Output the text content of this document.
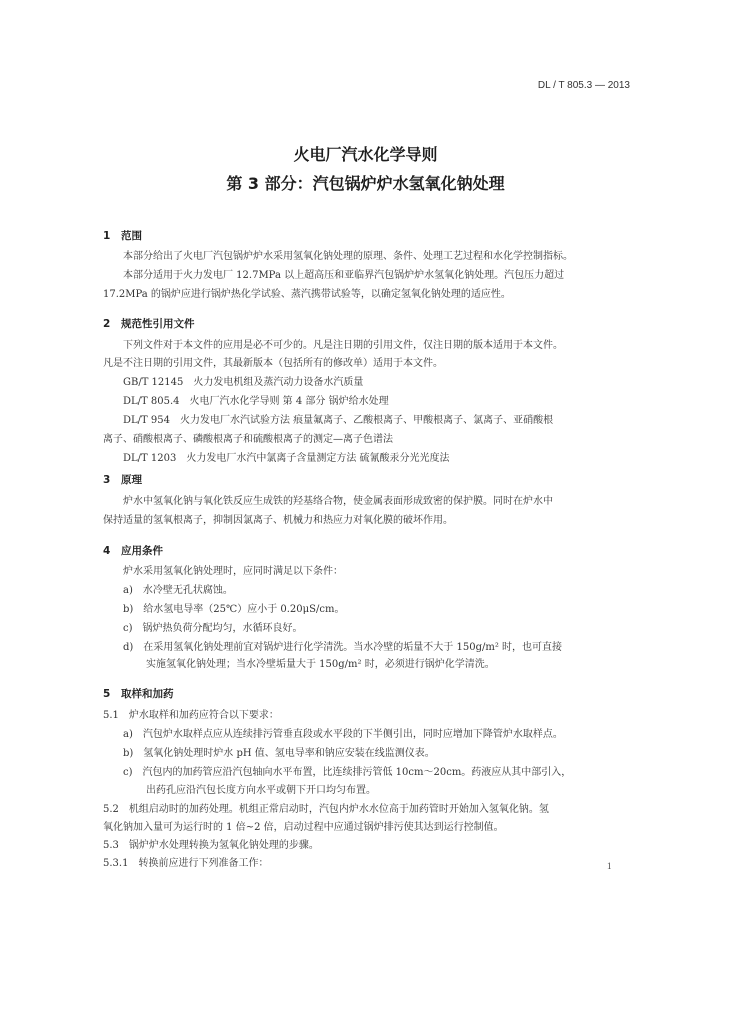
DL / T 805.3 — 2013
火电厂汽水化学导则
第 3 部分：汽包锅炉炉水氢氧化钠处理
1 范围
本部分给出了火电厂汽包锅炉炉水采用氢氧化钠处理的原理、条件、处理工艺过程和水化学控制指标。
本部分适用于火力发电厂 12.7MPa 以上超高压和亚临界汽包锅炉炉水氢氧化钠处理。汽包压力超过
17.2MPa 的锅炉应进行锅炉热化学试验、蒸汽携带试验等，以确定氢氧化钠处理的适应性。
2 规范性引用文件
下列文件对于本文件的应用是必不可少的。凡是注日期的引用文件，仅注日期的版本适用于本文件。
凡是不注日期的引用文件，其最新版本（包括所有的修改单）适用于本文件。
GB/T 12145　火力发电机组及蒸汽动力设备水汽质量
DL/T 805.4　火电厂汽水化学导则 第 4 部分 锅炉给水处理
DL/T 954　火力发电厂水汽试验方法 痕量氟离子、乙酸根离子、甲酸根离子、氯离子、亚硝酸根
离子、硝酸根离子、磷酸根离子和硫酸根离子的测定—离子色谱法
DL/T 1203　火力发电厂水汽中氯离子含量测定方法 硫氰酸汞分光光度法
3 原理
炉水中氢氧化钠与氧化铁反应生成铁的羟基络合物，使金属表面形成致密的保护膜。同时在炉水中
保持适量的氢氧根离子，抑制因氯离子、机械力和热应力对氧化膜的破坏作用。
4 应用条件
炉水采用氢氧化钠处理时，应同时满足以下条件：
a)　水冷壁无孔状腐蚀。
b)　给水氢电导率（25℃）应小于 0.20μS/cm。
c)　锅炉热负荷分配均匀，水循环良好。
d)　在采用氢氧化钠处理前宜对锅炉进行化学清洗。当水冷壁的垢量不大于 150g/m² 时，也可直接
实施氢氧化钠处理；当水冷壁垢量大于 150g/m² 时，必须进行锅炉化学清洗。
5 取样和加药
5.1　炉水取样和加药应符合以下要求：
a)　汽包炉水取样点应从连续排污管垂直段或水平段的下半侧引出，同时应增加下降管炉水取样点。
b)　氢氧化钠处理时炉水 pH 值、氢电导率和钠应安装在线监测仪表。
c)　汽包内的加药管应沿汽包轴向水平布置，比连续排污管低 10cm～20cm。药液应从其中部引入，
出药孔应沿汽包长度方向水平或朝下开口均匀布置。
5.2　机组启动时的加药处理。机组正常启动时，汽包内炉水水位高于加药管时开始加入氢氧化钠。氢
氧化钠加入量可为运行时的 1 倍~2 倍，启动过程中应通过锅炉排污使其达到运行控制值。
5.3　锅炉炉水处理转换为氢氧化钠处理的步骤。
5.3.1　转换前应进行下列准备工作：	1
